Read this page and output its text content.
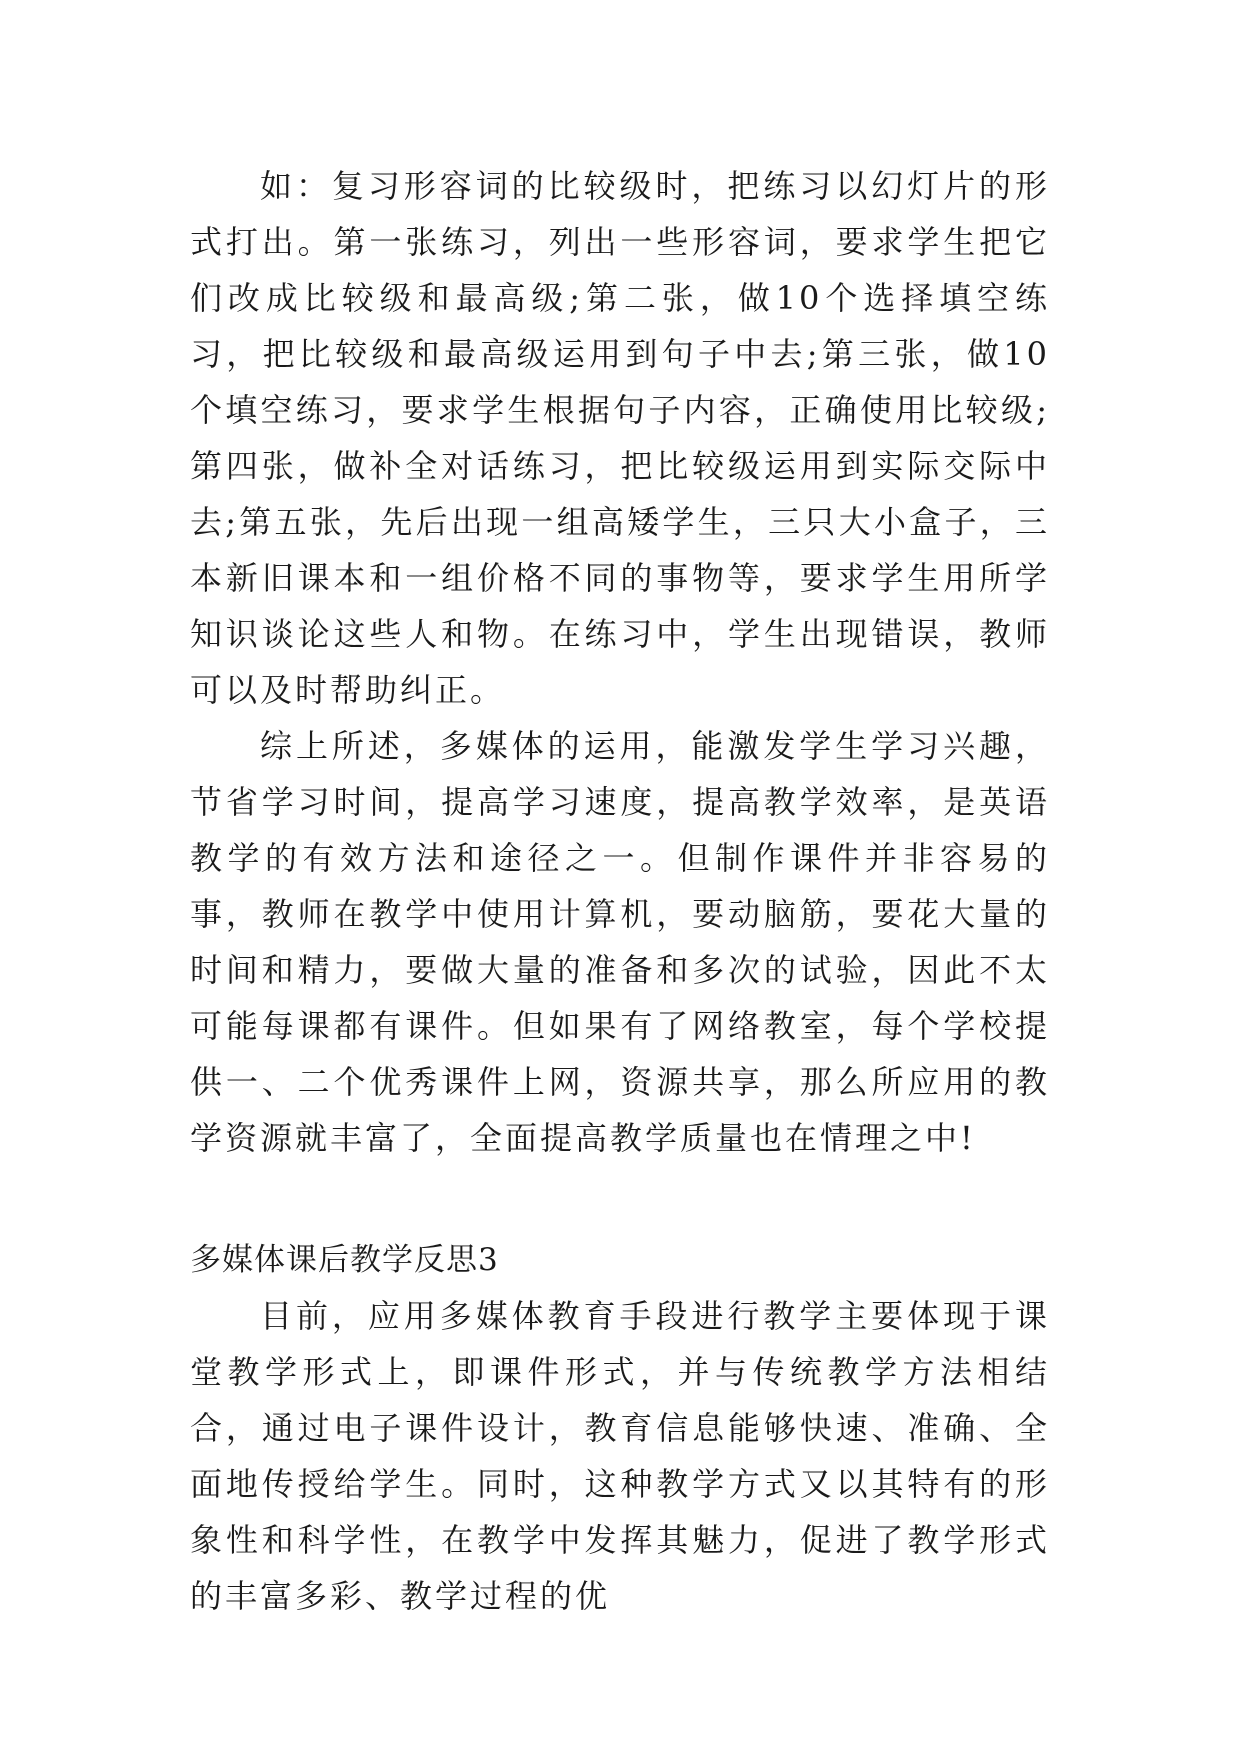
如：复习形容词的比较级时，把练习以幻灯片的形式打出。第一张练习，列出一些形容词，要求学生把它们改成比较级和最高级;第二张，做10个选择填空练习，把比较级和最高级运用到句子中去;第三张，做10个填空练习，要求学生根据句子内容，正确使用比较级;第四张，做补全对话练习，把比较级运用到实际交际中去;第五张，先后出现一组高矮学生，三只大小盒子，三本新旧课本和一组价格不同的事物等，要求学生用所学知识谈论这些人和物。在练习中，学生出现错误，教师可以及时帮助纠正。

综上所述，多媒体的运用，能激发学生学习兴趣，节省学习时间，提高学习速度，提高教学效率，是英语教学的有效方法和途径之一。但制作课件并非容易的事，教师在教学中使用计算机，要动脑筋，要花大量的时间和精力，要做大量的准备和多次的试验，因此不太可能每课都有课件。但如果有了网络教室，每个学校提供一、二个优秀课件上网，资源共享，那么所应用的教学资源就丰富了，全面提高教学质量也在情理之中!

多媒体课后教学反思3

目前，应用多媒体教育手段进行教学主要体现于课堂教学形式上，即课件形式，并与传统教学方法相结合，通过电子课件设计，教育信息能够快速、准确、全面地传授给学生。同时，这种教学方式又以其特有的形象性和科学性，在教学中发挥其魅力，促进了教学形式的丰富多彩、教学过程的优
